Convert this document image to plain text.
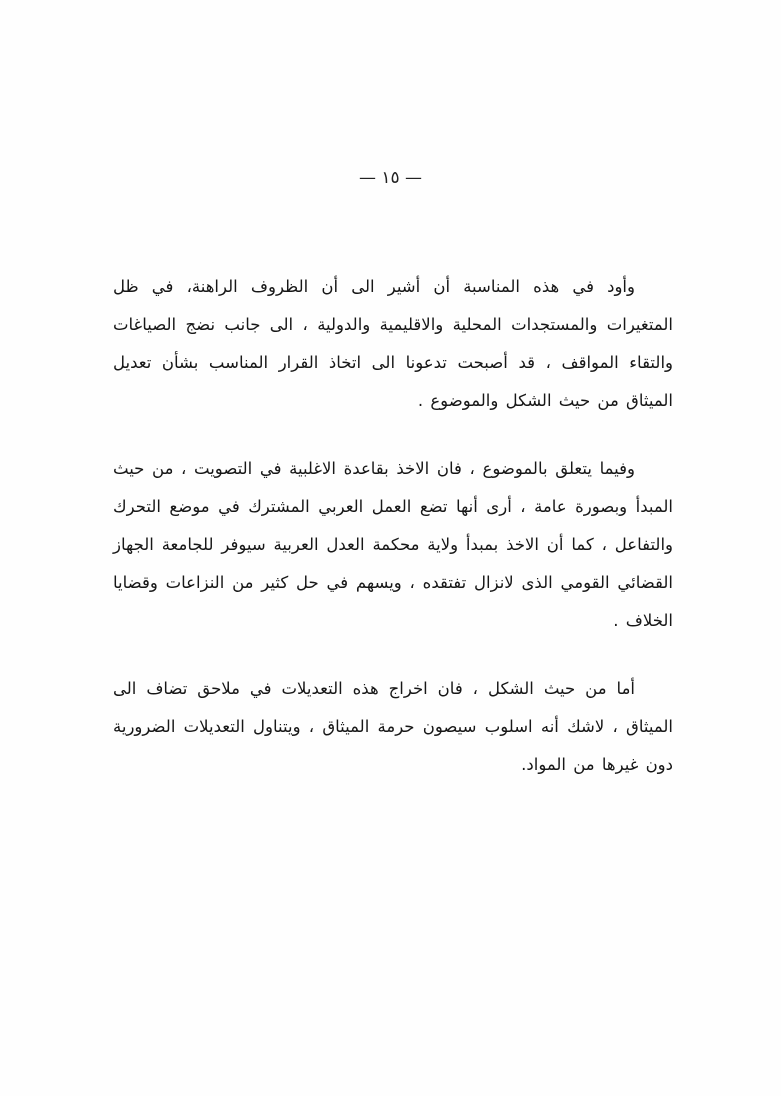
— ١٥ —

وأود في هذه المناسبة أن أشير الى أن الظروف الراهنة، في ظل المتغيرات والمستجدات المحلية والاقليمية والدولية ، الى جانب نضج الصياغات والتقاء المواقف ، قد أصبحت تدعونا الى اتخاذ القرار المناسب بشأن تعديل الميثاق من حيث الشكل والموضوع .

وفيما يتعلق بالموضوع ، فان الاخذ بقاعدة الاغلبية في التصويت ، من حيث المبدأ وبصورة عامة ، أرى أنها تضع العمل العربي المشترك في موضع التحرك والتفاعل ، كما أن الاخذ بمبدأ ولاية محكمة العدل العربية سيوفر للجامعة الجهاز القضائي القومي الذى لانزال تفتقده ، ويسهم في حل كثير من النزاعات وقضايا الخلاف .

أما من حيث الشكل ، فان اخراج هذه التعديلات في ملاحق تضاف الى الميثاق ، لاشك أنه اسلوب سيصون حرمة الميثاق ، ويتناول التعديلات الضرورية دون غيرها من المواد.
